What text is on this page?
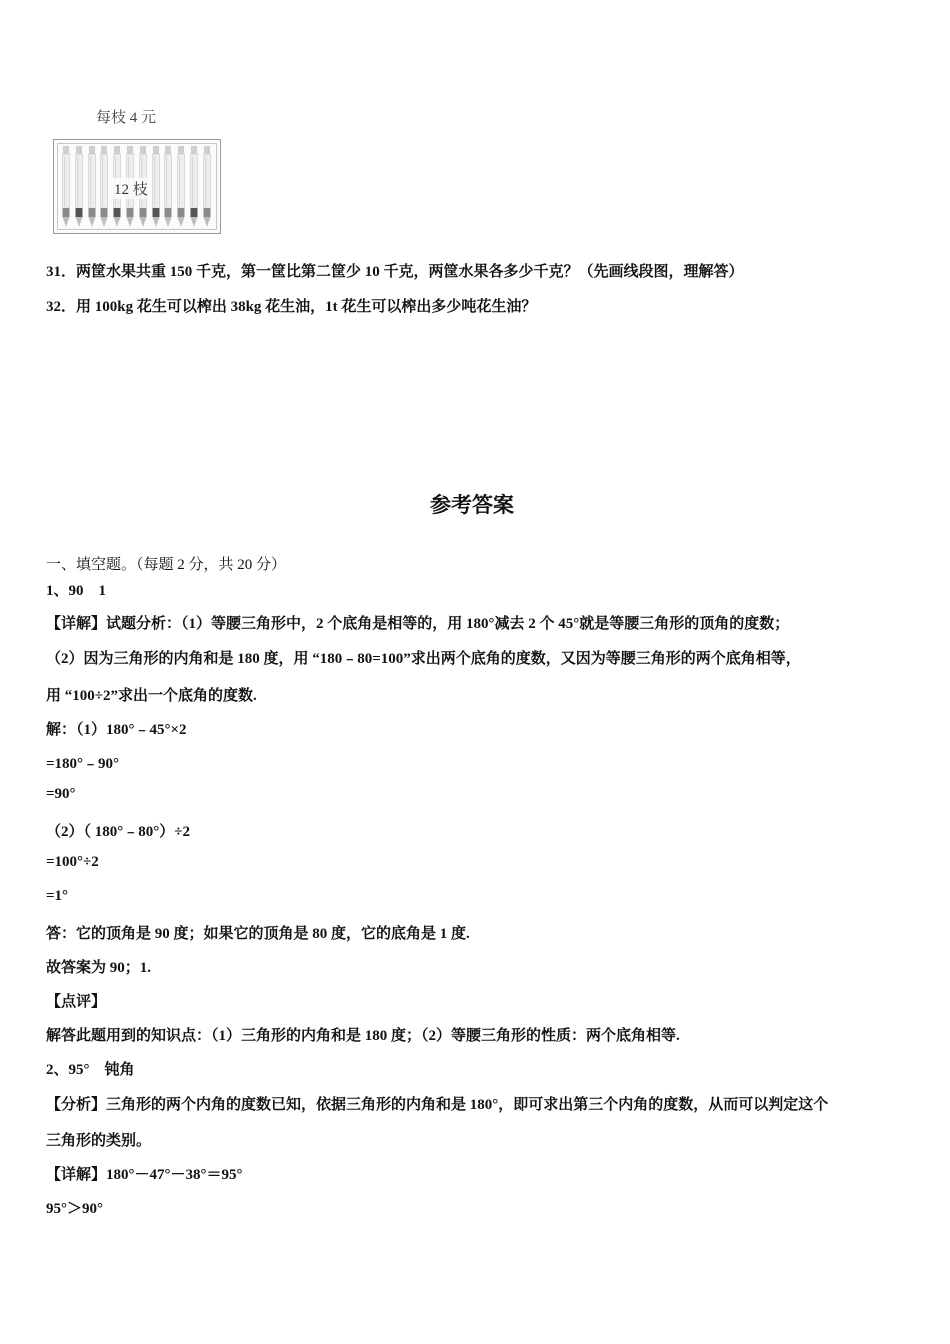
每枝 4 元
12 枝
31．两筐水果共重 150 千克，第一筐比第二筐少 10 千克，两筐水果各多少千克？（先画线段图，理解答）
32．用 100kg 花生可以榨出 38kg 花生油，1t 花生可以榨出多少吨花生油？
参考答案
一、填空题。（每题 2 分，共 20 分）
1、90　1
【详解】试题分析：（1）等腰三角形中，2 个底角是相等的，用 180°减去 2 个 45°就是等腰三角形的顶角的度数；
（2）因为三角形的内角和是 180 度，用 “180﹣80=100”求出两个底角的度数，又因为等腰三角形的两个底角相等，
用 “100÷2”求出一个底角的度数.
解：（1）180°﹣45°×2
=180°﹣90°
=90°
（2）（ 180°﹣80°）÷2
=100°÷2
=1°
答：它的顶角是 90 度；如果它的顶角是 80 度，它的底角是 1 度.
故答案为 90；1.
【点评】
解答此题用到的知识点：（1）三角形的内角和是 180 度；（2）等腰三角形的性质：两个底角相等.
2、95°　钝角
【分析】三角形的两个内角的度数已知，依据三角形的内角和是 180°，即可求出第三个内角的度数，从而可以判定这个
三角形的类别。
【详解】180°－47°－38°＝95°
95°＞90°
